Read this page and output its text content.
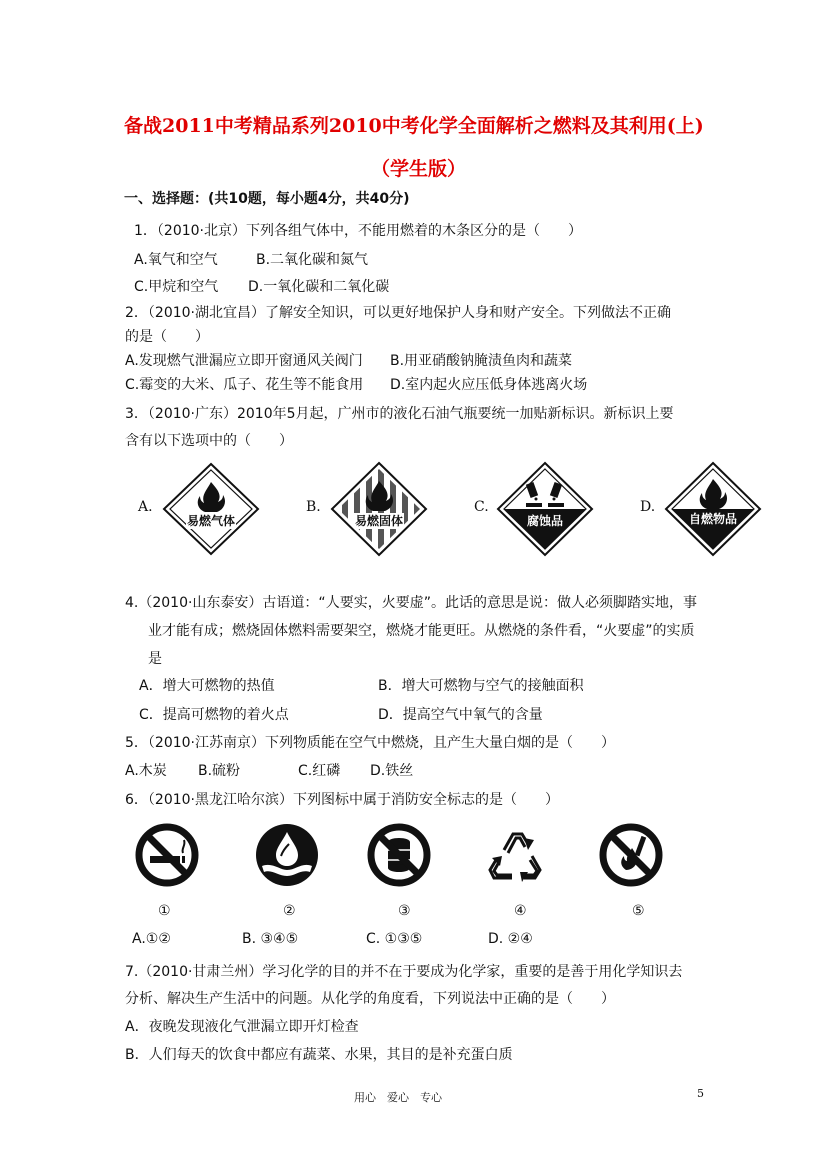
备战2011中考精品系列2010中考化学全面解析之燃料及其利用(上)
（学生版）
一、选择题：(共10题，每小题4分，共40分)
1．（2010·北京）下列各组气体中，不能用燃着的木条区分的是（　　）
A.氧气和空气	B.二氧化碳和氮气
C.甲烷和空气 D.一氧化碳和二氧化碳
2．（2010·湖北宜昌）了解安全知识，可以更好地保护人身和财产安全。下列做法不正确
的是（　　）
A.发现燃气泄漏应立即开窗通风关阀门 B.用亚硝酸钠腌渍鱼肉和蔬菜
C.霉变的大米、瓜子、花生等不能食用 D.室内起火应压低身体逃离火场
3．（2010·广东）2010年5月起，广州市的液化石油气瓶要统一加贴新标识。新标识上要
含有以下选项中的（　　）
A.
易燃气体
B.
易燃固体
C.
腐蚀品
D.
自燃物品
4.（2010·山东泰安）古语道：“人要实，火要虚”。此话的意思是说：做人必须脚踏实地，事
业才能有成；燃烧固体燃料需要架空，燃烧才能更旺。从燃烧的条件看，“火要虚”的实质
是
A．增大可燃物的热值	B．增大可燃物与空气的接触面积
C．提高可燃物的着火点	D．提高空气中氧气的含量
5．（2010·江苏南京）下列物质能在空气中燃烧，且产生大量白烟的是（　　）
A.木炭 B.硫粉	C.红磷 D.铁丝
6．（2010·黑龙江哈尔滨）下列图标中属于消防安全标志的是（　　）
①	②	③	④	⑤
A.①②	B. ③④⑤	C. ①③⑤	D. ②④
7.（2010·甘肃兰州）学习化学的目的并不在于要成为化学家，重要的是善于用化学知识去
分析、解决生产生活中的问题。从化学的角度看，下列说法中正确的是（　　）
A．夜晚发现液化气泄漏立即开灯检查
B．人们每天的饮食中都应有蔬菜、水果，其目的是补充蛋白质
用心　爱心　专心	5
